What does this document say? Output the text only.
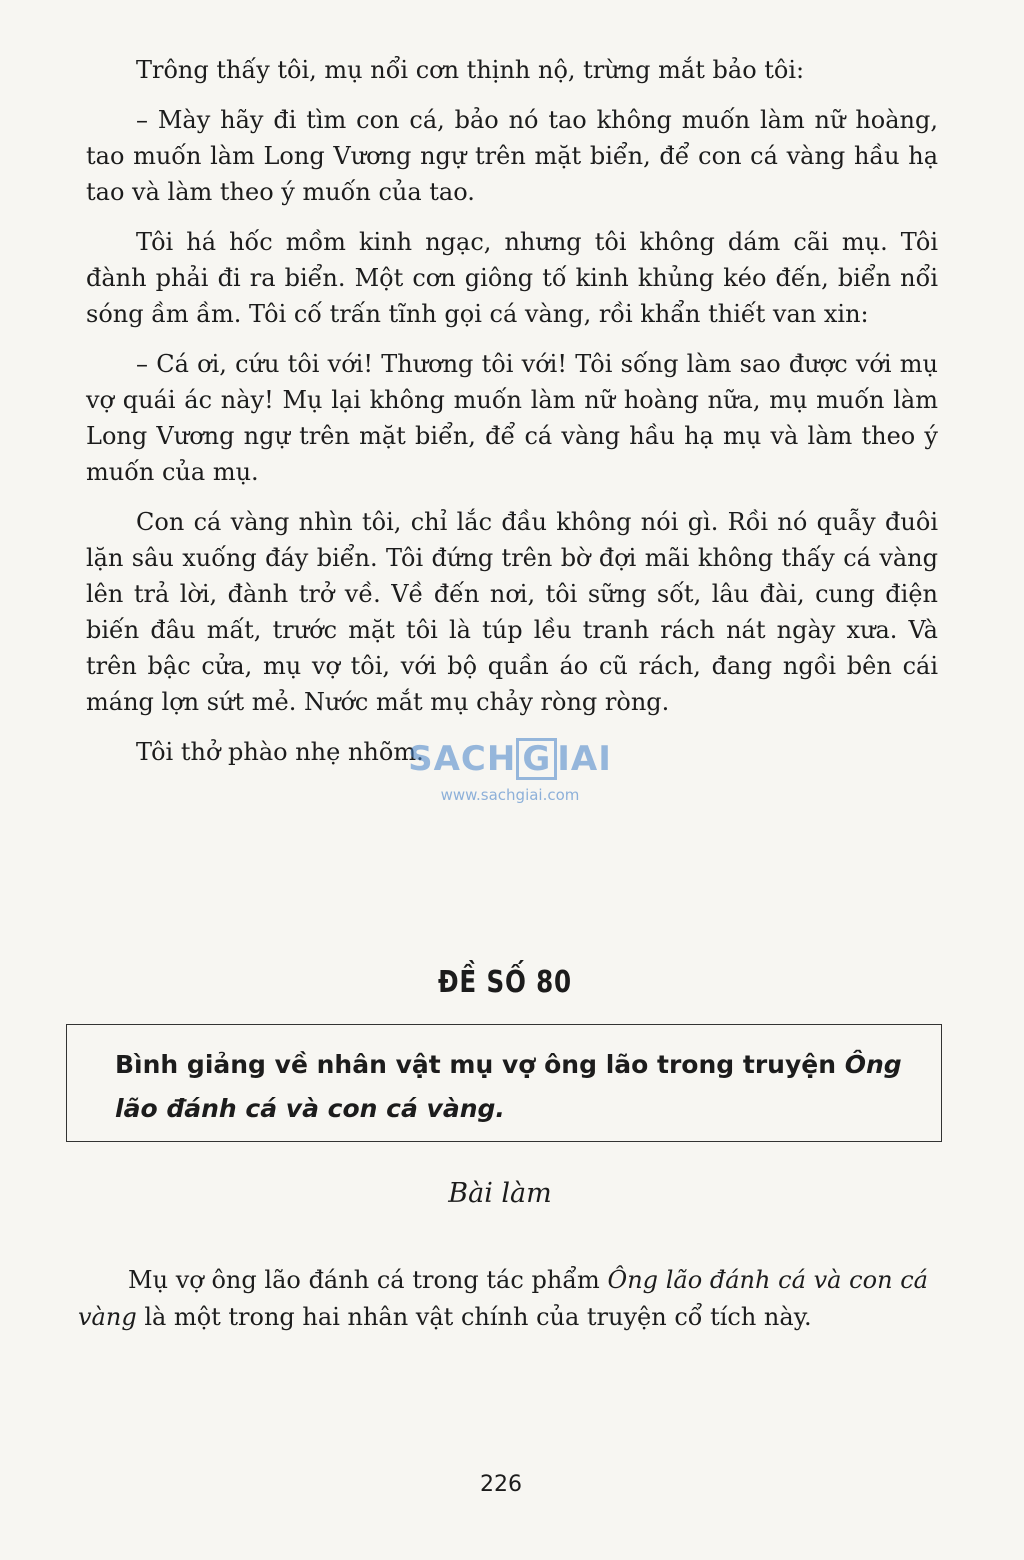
Trông thấy tôi, mụ nổi cơn thịnh nộ, trừng mắt bảo tôi:

– Mày hãy đi tìm con cá, bảo nó tao không muốn làm nữ hoàng, tao muốn làm Long Vương ngự trên mặt biển, để con cá vàng hầu hạ tao và làm theo ý muốn của tao.

Tôi há hốc mồm kinh ngạc, nhưng tôi không dám cãi mụ. Tôi đành phải đi ra biển. Một cơn giông tố kinh khủng kéo đến, biển nổi sóng ầm ầm. Tôi cố trấn tĩnh gọi cá vàng, rồi khẩn thiết van xin:

– Cá ơi, cứu tôi với! Thương tôi với! Tôi sống làm sao được với mụ vợ quái ác này! Mụ lại không muốn làm nữ hoàng nữa, mụ muốn làm Long Vương ngự trên mặt biển, để cá vàng hầu hạ mụ và làm theo ý muốn của mụ.

Con cá vàng nhìn tôi, chỉ lắc đầu không nói gì. Rồi nó quẫy đuôi lặn sâu xuống đáy biển. Tôi đứng trên bờ đợi mãi không thấy cá vàng lên trả lời, đành trở về. Về đến nơi, tôi sững sốt, lâu đài, cung điện biến đâu mất, trước mặt tôi là túp lều tranh rách nát ngày xưa. Và trên bậc cửa, mụ vợ tôi, với bộ quần áo cũ rách, đang ngồi bên cái máng lợn sứt mẻ. Nước mắt mụ chảy ròng ròng.

Tôi thở phào nhẹ nhõm.

SACH G IAI
www.sachgiai.com
ĐỀ SỐ 80
Bình giảng về nhân vật mụ vợ ông lão trong truyện Ông lão đánh cá và con cá vàng.
Bài làm

Mụ vợ ông lão đánh cá trong tác phẩm Ông lão đánh cá và con cá vàng là một trong hai nhân vật chính của truyện cổ tích này.

226
